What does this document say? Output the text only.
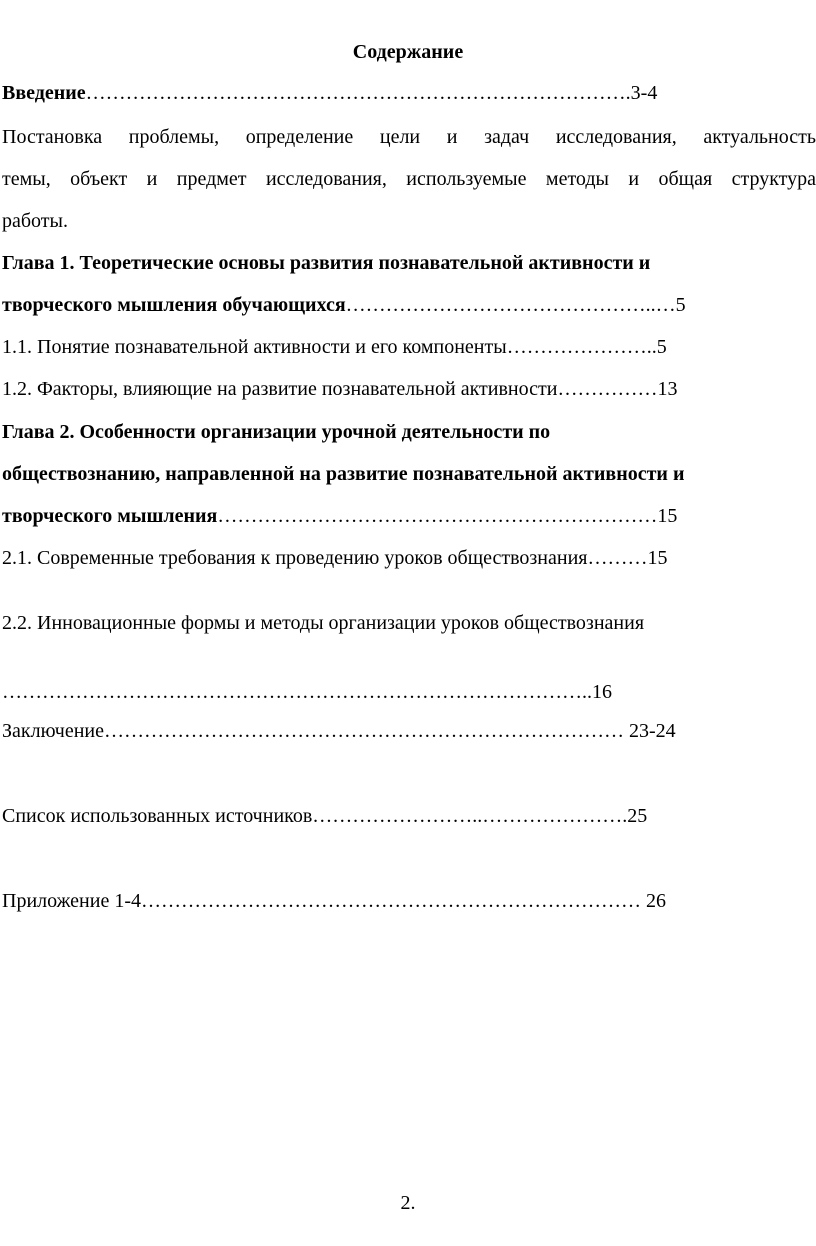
Содержание
Введение……………………………………………………………………….3-4
Постановка проблемы, определение цели и задач исследования, актуальность
темы, объект и предмет исследования, используемые методы и общая структура
работы.
Глава 1. Теоретические основы развития познавательной активности и
творческого мышления обучающихся………………………………………..…5
1.1. Понятие познавательной активности и его компоненты…………………..5
1.2. Факторы, влияющие на развитие познавательной активности……………13
Глава 2. Особенности организации урочной деятельности по
обществознанию, направленной на развитие познавательной активности и
творческого мышления…………………………………………………………15
2.1. Современные требования к проведению уроков обществознания………15
2.2. Инновационные формы и методы организации уроков обществознания
……………………………………………………………………………..16
Заключение…………………………………………………………………… 23-24
Список использованных источников……………………..………………….25
Приложение 1-4………………………………………………………………… 26
2.
